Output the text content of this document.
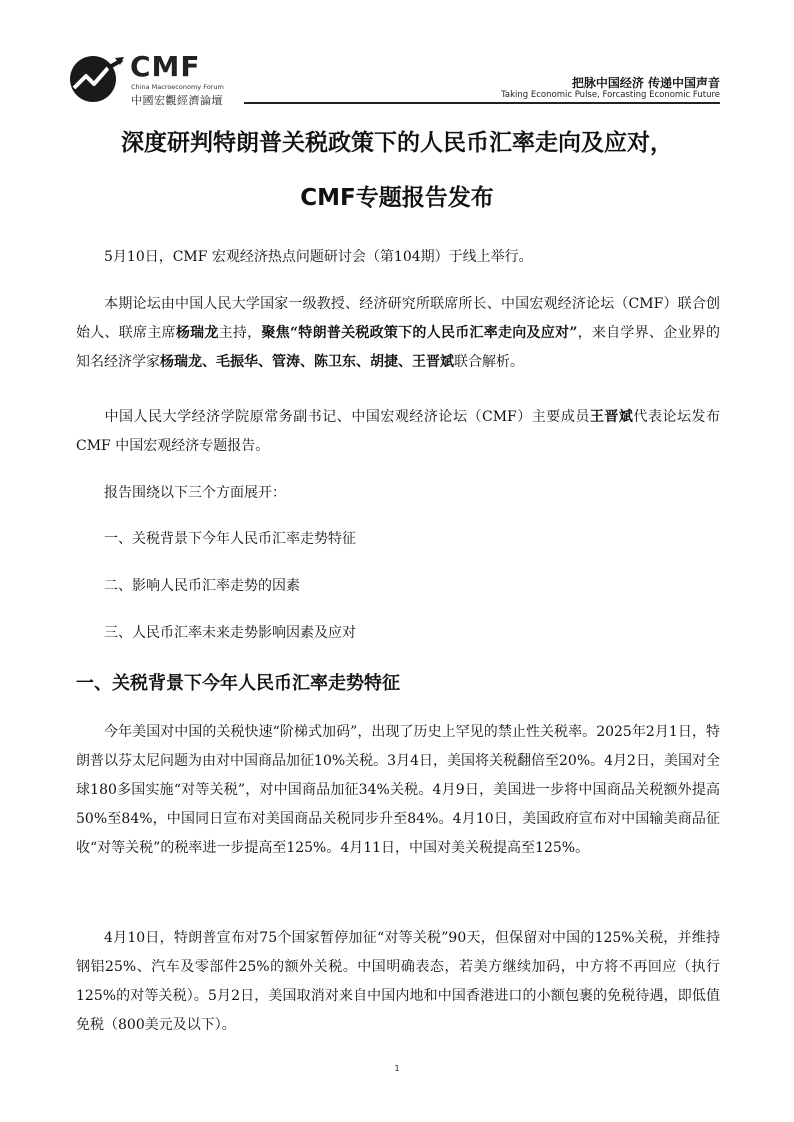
CMF
China Macroeconomy Forum
中國宏觀經濟論壇
把脉中国经济 传递中国声音
Taking Economic Pulse, Forcasting Economic Future
深度研判特朗普关税政策下的人民币汇率走向及应对，
CMF专题报告发布

5月10日，CMF 宏观经济热点问题研讨会（第104期）于线上举行。

本期论坛由中国人民大学国家一级教授、经济研究所联席所长、中国宏观经济论坛（CMF）联合创始人、联席主席杨瑞龙主持，聚焦“特朗普关税政策下的人民币汇率走向及应对”，来自学界、企业界的知名经济学家杨瑞龙、毛振华、管涛、陈卫东、胡捷、王晋斌联合解析。

中国人民大学经济学院原常务副书记、中国宏观经济论坛（CMF）主要成员王晋斌代表论坛发布 CMF 中国宏观经济专题报告。

报告围绕以下三个方面展开：

一、关税背景下今年人民币汇率走势特征

二、影响人民币汇率走势的因素

三、人民币汇率未来走势影响因素及应对

一、关税背景下今年人民币汇率走势特征

今年美国对中国的关税快速“阶梯式加码”，出现了历史上罕见的禁止性关税率。2025年2月1日，特朗普以芬太尼问题为由对中国商品加征10%关税。3月4日，美国将关税翻倍至20%。4月2日，美国对全球180多国实施“对等关税”，对中国商品加征34%关税。4月9日，美国进一步将中国商品关税额外提高50%至84%，中国同日宣布对美国商品关税同步升至84%。4月10日，美国政府宣布对中国输美商品征收“对等关税”的税率进一步提高至125%。4月11日，中国对美关税提高至125%。

4月10日，特朗普宣布对75个国家暂停加征“对等关税”90天，但保留对中国的125%关税，并维持钢铝25%、汽车及零部件25%的额外关税。中国明确表态，若美方继续加码，中方将不再回应（执行125%的对等关税）。5月2日，美国取消对来自中国内地和中国香港进口的小额包裹的免税待遇，即低值免税（800美元及以下）。

1
